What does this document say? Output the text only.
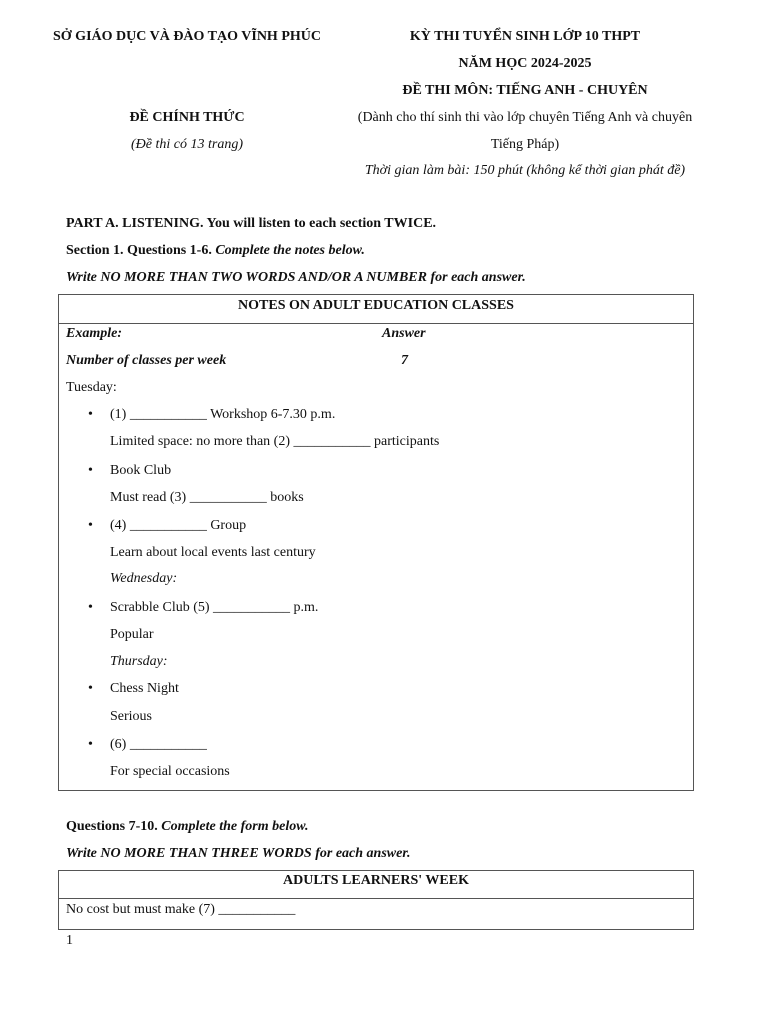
SỞ GIÁO DỤC VÀ ĐÀO TẠO VĨNH PHÚC	KỲ THI TUYỂN SINH LỚP 10 THPT
NĂM HỌC 2024-2025
ĐỀ THI MÔN: TIẾNG ANH - CHUYÊN
ĐỀ CHÍNH THỨC	(Dành cho thí sinh thi vào lớp chuyên Tiếng Anh và chuyên
(Đề thi có 13 trang)	Tiếng Pháp)
Thời gian làm bài: 150 phút (không kể thời gian phát đề)
PART A. LISTENING. You will listen to each section TWICE.
Section 1. Questions 1-6. Complete the notes below.
Write NO MORE THAN TWO WORDS AND/OR A NUMBER for each answer.
NOTES ON ADULT EDUCATION CLASSES
Example:	Answer
Number of classes per week	7
Tuesday:
• (1) ___________ Workshop 6-7.30 p.m.
Limited space: no more than (2) ___________ participants
• Book Club
Must read (3) ___________ books
• (4) ___________ Group
Learn about local events last century
Wednesday:
• Scrabble Club (5) ___________ p.m.
Popular
Thursday:
• Chess Night
Serious
• (6) ___________
For special occasions
Questions 7-10. Complete the form below.
Write NO MORE THAN THREE WORDS for each answer.
ADULTS LEARNERS' WEEK
No cost but must make (7) ___________
1
